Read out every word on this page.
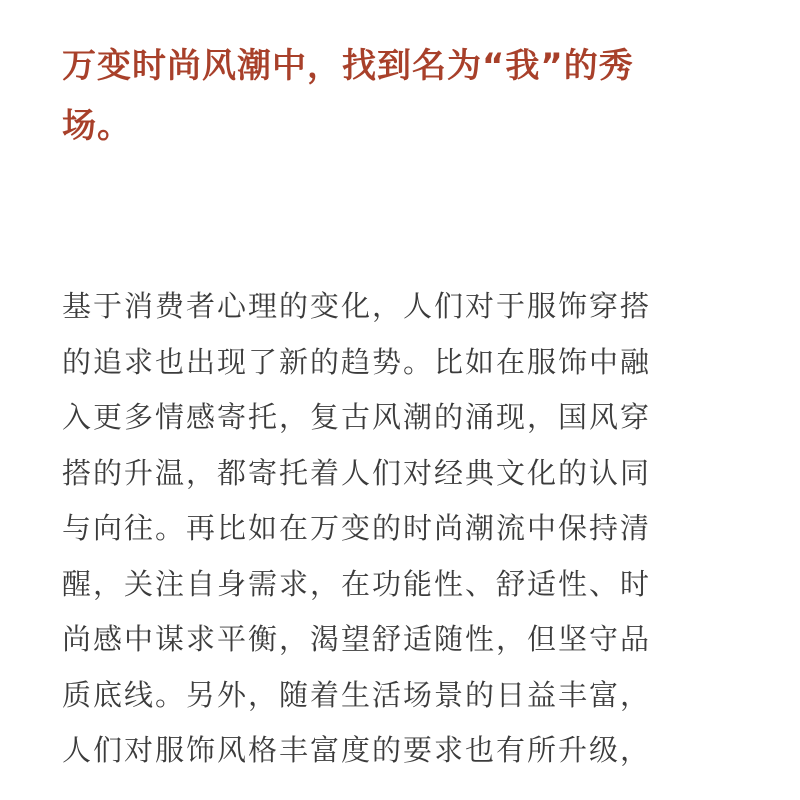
万变时尚风潮中，找到名为“我”的秀
场。
基于消费者心理的变化，人们对于服饰穿搭
的追求也出现了新的趋势。比如在服饰中融
入更多情感寄托，复古风潮的涌现，国风穿
搭的升温，都寄托着人们对经典文化的认同
与向往。再比如在万变的时尚潮流中保持清
醒，关注自身需求，在功能性、舒适性、时
尚感中谋求平衡，渴望舒适随性，但坚守品
质底线。另外，随着生活场景的日益丰富，
人们对服饰风格丰富度的要求也有所升级，
